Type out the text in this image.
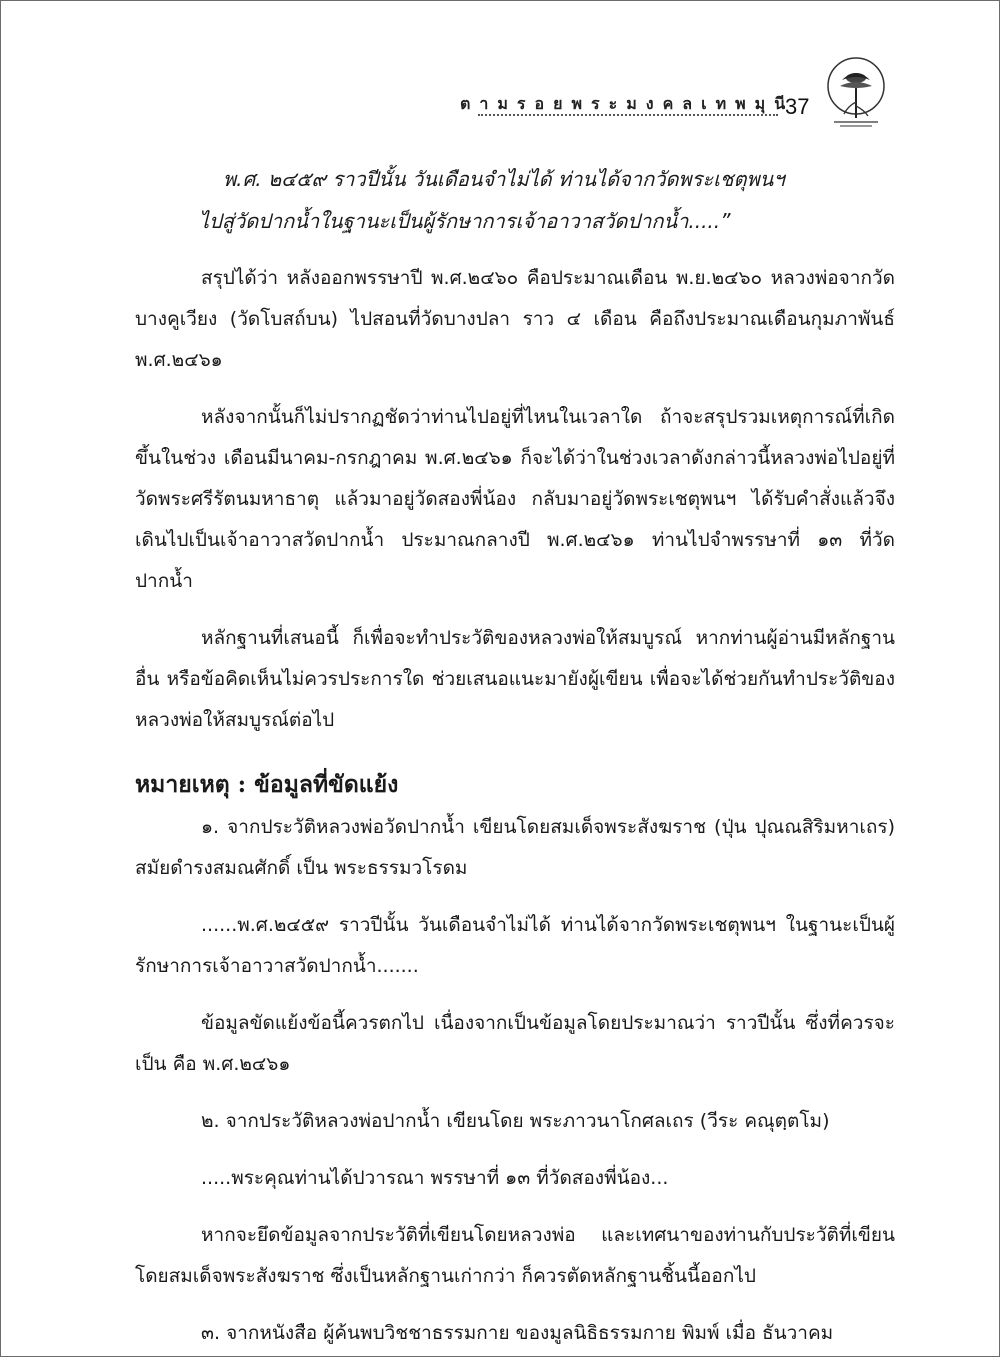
ตามรอยพระมงคลเทพมุนี
37
พ.ศ. ๒๔๕๙ ราวปีนั้น วันเดือนจำไม่ได้ ท่านได้จากวัดพระเชตุพนฯ
ไปสู่วัดปากน้ำในฐานะเป็นผู้รักษาการเจ้าอาวาสวัดปากน้ำ.....”

สรุปได้ว่า หลังออกพรรษาปี พ.ศ.๒๔๖๐ คือประมาณเดือน พ.ย.๒๔๖๐ หลวงพ่อจากวัดบางคูเวียง (วัดโบสถ์บน) ไปสอนที่วัดบางปลา ราว ๔ เดือน คือถึงประมาณเดือนกุมภาพันธ์ พ.ศ.๒๔๖๑

หลังจากนั้นก็ไม่ปรากฏชัดว่าท่านไปอยู่ที่ไหนในเวลาใด ถ้าจะสรุปรวมเหตุการณ์ที่เกิดขึ้นในช่วง เดือนมีนาคม-กรกฎาคม พ.ศ.๒๔๖๑ ก็จะได้ว่าในช่วงเวลาดังกล่าวนี้หลวงพ่อไปอยู่ที่วัดพระศรีรัตนมหาธาตุ แล้วมาอยู่วัดสองพี่น้อง กลับมาอยู่วัดพระเชตุพนฯ ได้รับคำสั่งแล้วจึงเดินไปเป็นเจ้าอาวาสวัดปากน้ำ ประมาณกลางปี พ.ศ.๒๔๖๑ ท่านไปจำพรรษาที่ ๑๓ ที่วัดปากน้ำ

หลักฐานที่เสนอนี้ ก็เพื่อจะทำประวัติของหลวงพ่อให้สมบูรณ์ หากท่านผู้อ่านมีหลักฐานอื่น หรือข้อคิดเห็นไม่ควรประการใด ช่วยเสนอแนะมายังผู้เขียน เพื่อจะได้ช่วยกันทำประวัติของหลวงพ่อให้สมบูรณ์ต่อไป

หมายเหตุ : ข้อมูลที่ขัดแย้ง

๑. จากประวัติหลวงพ่อวัดปากน้ำ เขียนโดยสมเด็จพระสังฆราช (ปุ่น ปุณณสิริมหาเถร) สมัยดำรงสมณศักดิ์ เป็น พระธรรมวโรดม

......พ.ศ.๒๔๕๙ ราวปีนั้น วันเดือนจำไม่ได้ ท่านได้จากวัดพระเชตุพนฯ ในฐานะเป็นผู้รักษาการเจ้าอาวาสวัดปากน้ำ.......

ข้อมูลขัดแย้งข้อนี้ควรตกไป เนื่องจากเป็นข้อมูลโดยประมาณว่า ราวปีนั้น ซึ่งที่ควรจะเป็น คือ พ.ศ.๒๔๖๑

๒. จากประวัติหลวงพ่อปากน้ำ เขียนโดย พระภาวนาโกศลเถร (วีระ คณุตฺตโม)

.....พระคุณท่านได้ปวารณา พรรษาที่ ๑๓ ที่วัดสองพี่น้อง...

หากจะยึดข้อมูลจากประวัติที่เขียนโดยหลวงพ่อ และเทศนาของท่านกับประวัติที่เขียนโดยสมเด็จพระสังฆราช ซึ่งเป็นหลักฐานเก่ากว่า ก็ควรตัดหลักฐานชิ้นนี้ออกไป

๓. จากหนังสือ ผู้ค้นพบวิชชาธรรมกาย ของมูลนิธิธรรมกาย พิมพ์ เมื่อ ธันวาคม
